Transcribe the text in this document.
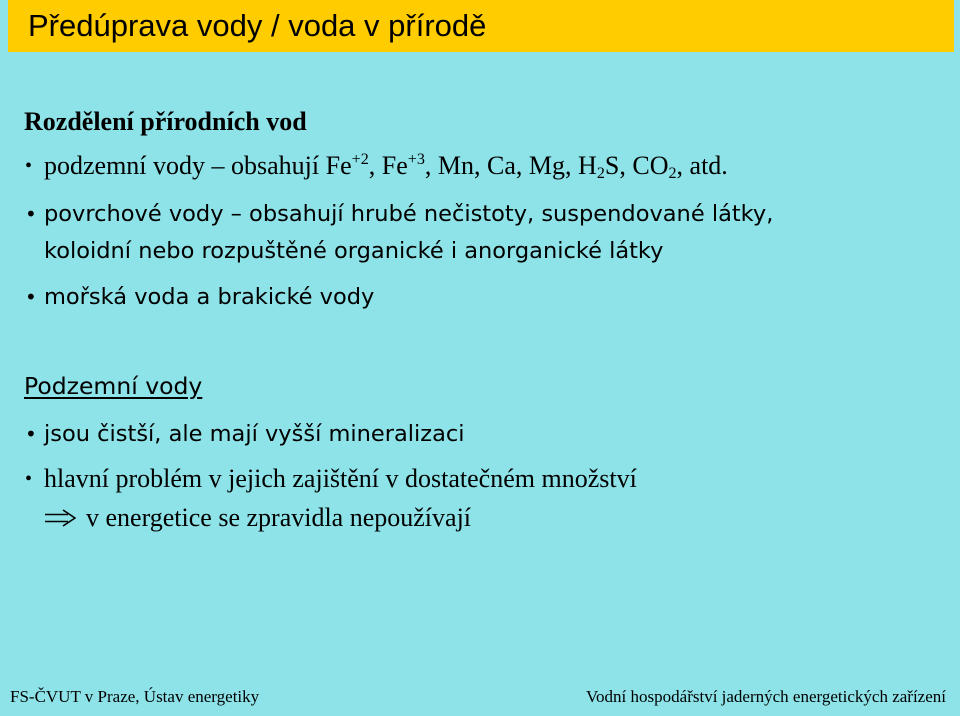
Předúprava vody / voda v přírodě
Rozdělení přírodních vod
•
podzemní vody – obsahují $Fe^{+2}$, $Fe^{+3}$, Mn, Ca, Mg, $H_2S$, $CO_2$, atd.
•
povrchové vody – obsahují hrubé nečistoty, suspendované látky,
koloidní nebo rozpuštěné organické i anorganické látky
•
mořská voda a brakické vody
Podzemní vody
•
jsou čistší, ale mají vyšší mineralizaci
•
hlavní problém v jejich zajištění v dostatečném množství
v energetice se zpravidla nepoužívají
FS-ČVUT v Praze, Ústav energetiky	Vodní hospodářství jaderných energetických zařízení
